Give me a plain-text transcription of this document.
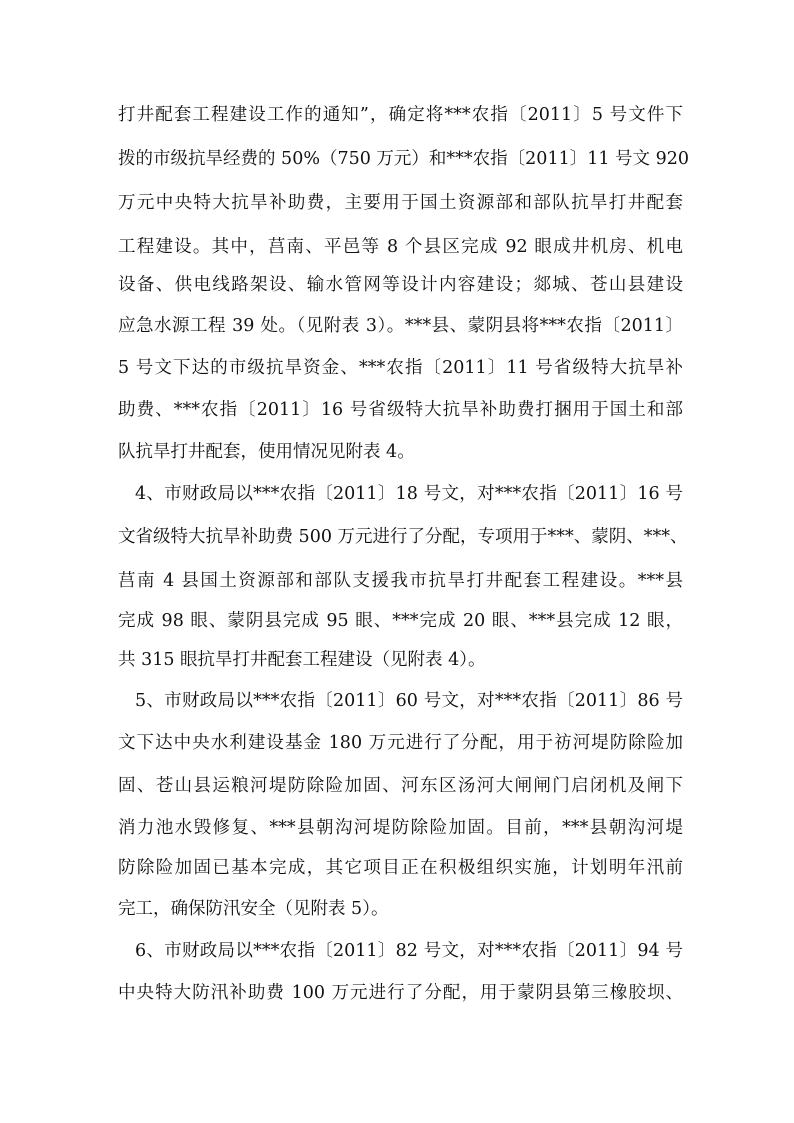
打井配套工程建设工作的通知”，确定将***农指〔2011〕5 号文件下
拨的市级抗旱经费的 50%（750 万元）和***农指〔2011〕11 号文 920
万元中央特大抗旱补助费，主要用于国土资源部和部队抗旱打井配套
工程建设。其中，莒南、平邑等 8 个县区完成 92 眼成井机房、机电
设备、供电线路架设、输水管网等设计内容建设；郯城、苍山县建设
应急水源工程 39 处。（见附表 3）。***县、蒙阴县将***农指〔2011〕
5 号文下达的市级抗旱资金、***农指〔2011〕11 号省级特大抗旱补
助费、***农指〔2011〕16 号省级特大抗旱补助费打捆用于国土和部
队抗旱打井配套，使用情况见附表 4。
4、市财政局以***农指〔2011〕18 号文，对***农指〔2011〕16 号
文省级特大抗旱补助费 500 万元进行了分配，专项用于***、蒙阴、***、
莒南 4 县国土资源部和部队支援我市抗旱打井配套工程建设。***县
完成 98 眼、蒙阴县完成 95 眼、***完成 20 眼、***县完成 12 眼，
共 315 眼抗旱打井配套工程建设（见附表 4）。
5、市财政局以***农指〔2011〕60 号文，对***农指〔2011〕86 号
文下达中央水利建设基金 180 万元进行了分配，用于祊河堤防除险加
固、苍山县运粮河堤防除险加固、河东区汤河大闸闸门启闭机及闸下
消力池水毁修复、***县朝沟河堤防除险加固。目前，***县朝沟河堤
防除险加固已基本完成，其它项目正在积极组织实施，计划明年汛前
完工，确保防汛安全（见附表 5）。
6、市财政局以***农指〔2011〕82 号文，对***农指〔2011〕94 号
中央特大防汛补助费 100 万元进行了分配，用于蒙阴县第三橡胶坝、
